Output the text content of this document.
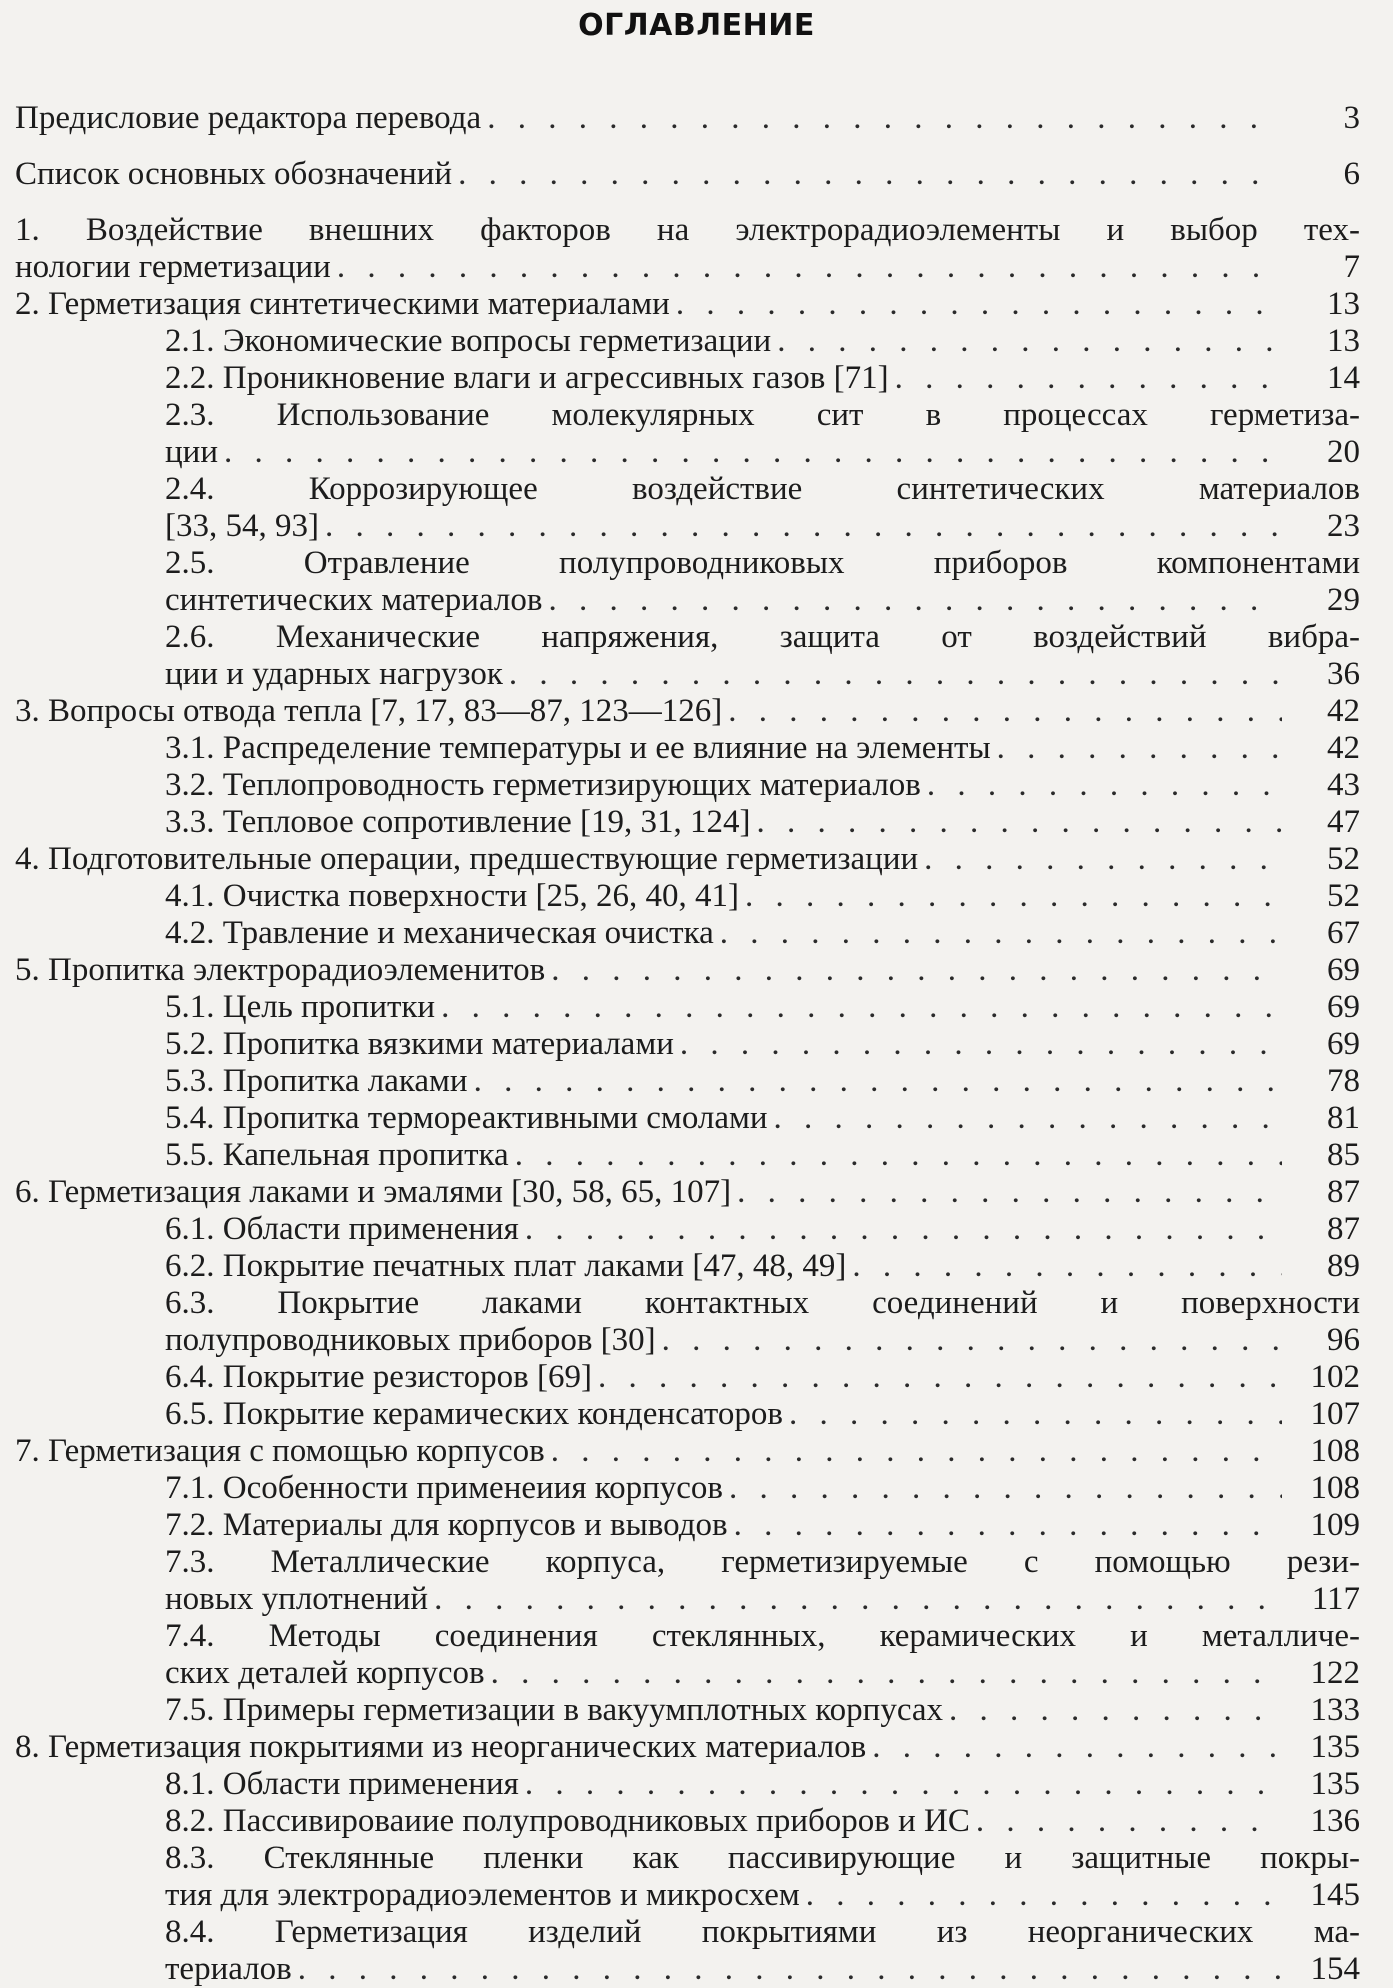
ОГЛАВЛЕНИЕ
Предисловие редактора перевода . . .	3
Список основных обозначений . . .	6
1. Воздействие внешних факторов на электрорадиоэлементы и выбор тех-
нологии герметизации . . .	7
2. Герметизация синтетическими материалами . . .	13
2.1. Экономические вопросы герметизации . . .	13
2.2. Проникновение влаги и агрессивных газов [71] . . .	14
2.3. Использование молекулярных сит в процессах герметиза-
ции . . .	20
2.4. Коррозирующее воздействие синтетических материалов
[33, 54, 93] . . .	23
2.5. Отравление полупроводниковых приборов компонентами
синтетических материалов . . .	29
2.6. Механические напряжения, защита от воздействий вибра-
ции и ударных нагрузок . . .	36
3. Вопросы отвода тепла [7, 17, 83—87, 123—126] . . .	42
3.1. Распределение температуры и ее влияние на элементы . . .	42
3.2. Теплопроводность герметизирующих материалов . . .	43
3.3. Тепловое сопротивление [19, 31, 124] . . .	47
4. Подготовительные операции, предшествующие герметизации . . .	52
4.1. Очистка поверхности [25, 26, 40, 41] . . .	52
4.2. Травление и механическая очистка . . .	67
5. Пропитка электрорадиоэлеменитов . . .	69
5.1. Цель пропитки . . .	69
5.2. Пропитка вязкими материалами . . .	69
5.3. Пропитка лаками . . .	78
5.4. Пропитка термореактивными смолами . . .	81
5.5. Капельная пропитка . . .	85
6. Герметизация лаками и эмалями [30, 58, 65, 107] . . .	87
6.1. Области применения . . .	87
6.2. Покрытие печатных плат лаками [47, 48, 49] . . .	89
6.3. Покрытие лаками контактных соединений и поверхности
полупроводниковых приборов [30] . . .	96
6.4. Покрытие резисторов [69] . . .	102
6.5. Покрытие керамических конденсаторов . . .	107
7. Герметизация с помощью корпусов . . .	108
7.1. Особенности применеиия корпусов . . .	108
7.2. Материалы для корпусов и выводов . . .	109
7.3. Металлические корпуса, герметизируемые с помощью рези-
новых уплотнений . . .	117
7.4. Методы соединения стеклянных, керамических и металличе-
ских деталей корпусов . . .	122
7.5. Примеры герметизации в вакуумплотных корпусах . . .	133
8. Герметизация покрытиями из неорганических материалов . . .	135
8.1. Области применения . . .	135
8.2. Пассивироваиие полупроводниковых приборов и ИС . . .	136
8.3. Стеклянные пленки как пассивирующие и защитные покры-
тия для электрорадиоэлементов и микросхем . . .	145
8.4. Герметизация изделий покрытиями из неорганических ма-
териалов . . .	154
